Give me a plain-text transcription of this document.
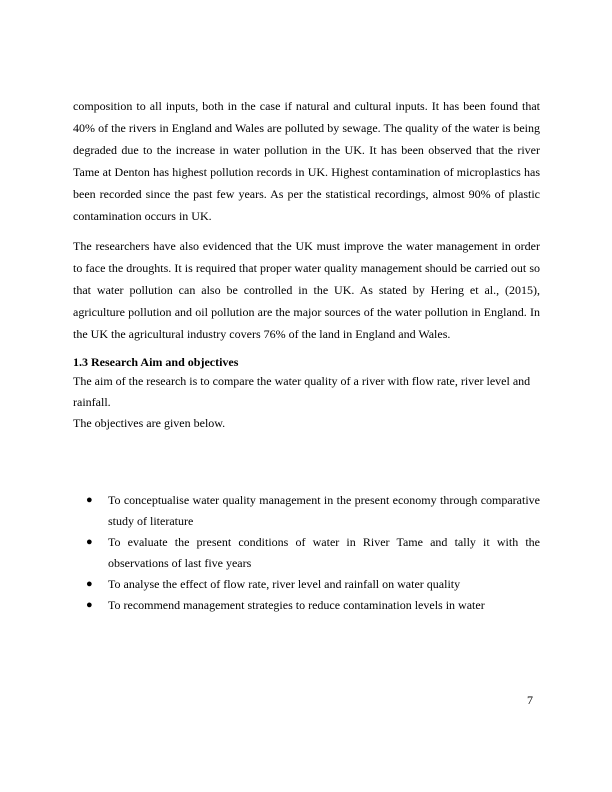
composition to all inputs, both in the case if natural and cultural inputs. It has been found that 40% of the rivers in England and Wales are polluted by sewage. The quality of the water is being degraded due to the increase in water pollution in the UK. It has been observed that the river Tame at Denton has highest pollution records in UK. Highest contamination of microplastics has been recorded since the past few years. As per the statistical recordings, almost 90% of plastic contamination occurs in UK.

The researchers have also evidenced that the UK must improve the water management in order to face the droughts. It is required that proper water quality management should be carried out so that water pollution can also be controlled in the UK. As stated by Hering et al., (2015), agriculture pollution and oil pollution are the major sources of the water pollution in England. In the UK the agricultural industry covers 76% of the land in England and Wales.

1.3 Research Aim and objectives

The aim of the research is to compare the water quality of a river with flow rate, river level and rainfall.

The objectives are given below.

● To conceptualise water quality management in the present economy through comparative study of literature
● To evaluate the present conditions of water in River Tame and tally it with the observations of last five years
● To analyse the effect of flow rate, river level and rainfall on water quality
● To recommend management strategies to reduce contamination levels in water
7
